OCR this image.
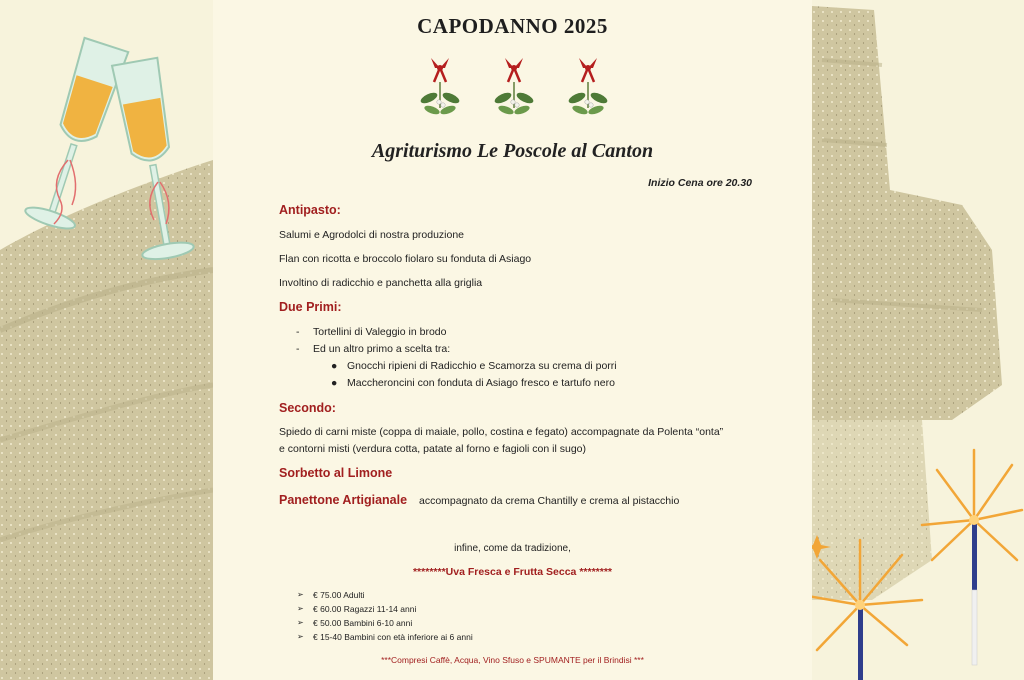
CAPODANNO 2025
Agriturismo Le Poscole al Canton
Inizio Cena ore 20.30
Antipasto:
Salumi e Agrodolci di nostra produzione
Flan con ricotta e broccolo fiolaro su fonduta di Asiago
Involtino di radicchio e panchetta alla griglia
Due Primi:
- Tortellini di Valeggio in brodo
- Ed un altro primo a scelta tra:
● Gnocchi ripieni di Radicchio e Scamorza su crema di porri
● Maccheroncini con fonduta di Asiago fresco e tartufo nero
Secondo:
Spiedo di carni miste (coppa di maiale, pollo, costina e fegato) accompagnate da Polenta “onta”
e contorni misti (verdura cotta, patate al forno e fagioli con il sugo)
Sorbetto al Limone
Panettone Artigianale accompagnato da crema Chantilly e crema al pistacchio
infine, come da tradizione,
********Uva Fresca e Frutta Secca ********
➢ € 75.00 Adulti
➢ € 60.00 Ragazzi 11-14 anni
➢ € 50.00 Bambini 6-10 anni
➢ € 15-40 Bambini con età inferiore ai 6 anni
***Compresi Caffè, Acqua, Vino Sfuso e SPUMANTE per il Brindisi ***
